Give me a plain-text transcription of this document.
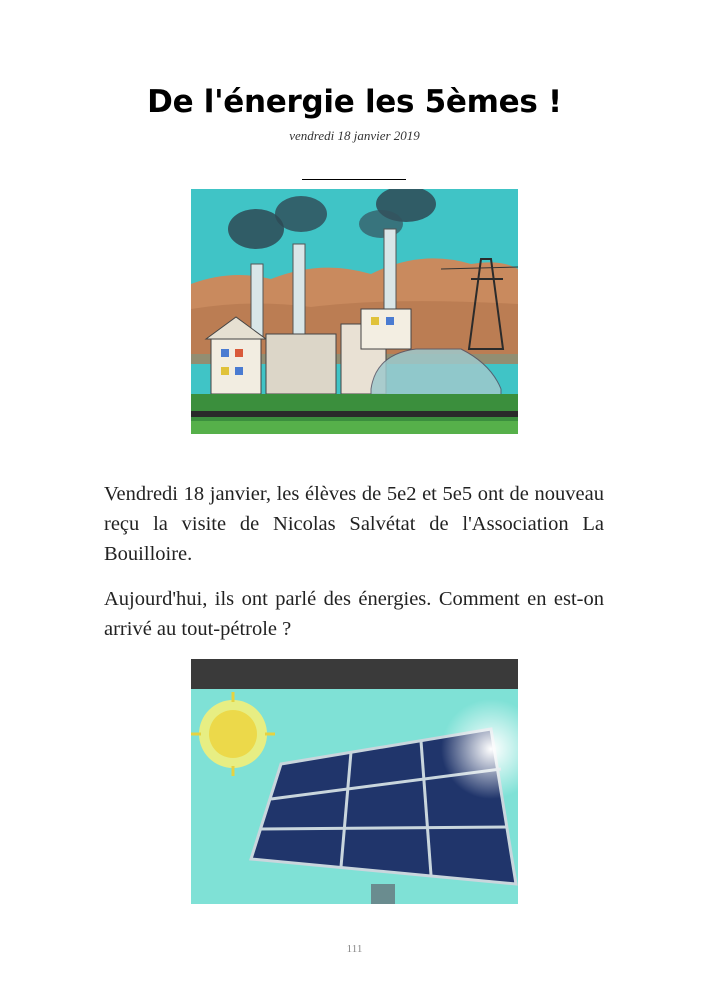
De l'énergie les 5èmes !
vendredi 18 janvier 2019

Vendredi 18 janvier, les élèves de 5e2 et 5e5 ont de nouveau reçu la visite de Nicolas Salvétat de l'Association La Bouilloire.

Aujourd'hui, ils ont parlé des énergies. Comment en est-on arrivé au tout-pétrole ?

111
